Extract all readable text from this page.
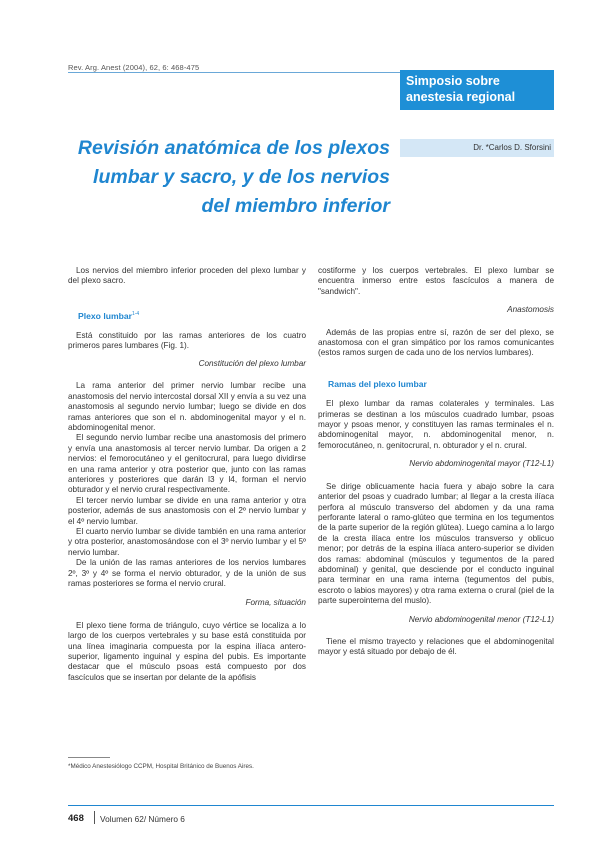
Rev. Arg. Anest (2004), 62, 6: 468-475
Simposio sobre anestesia regional
Revisión anatómica de los plexos lumbar y sacro, y de los nervios del miembro inferior
Dr. *Carlos D. Sforsini

Los nervios del miembro inferior proceden del plexo lumbar y del plexo sacro.

Plexo lumbar$^{1-4}$

Está constituido por las ramas anteriores de los cuatro primeros pares lumbares (Fig. 1).

Constitución del plexo lumbar

La rama anterior del primer nervio lumbar recibe una anastomosis del nervio intercostal dorsal XII y envía a su vez una anastomosis al segundo nervio lumbar; luego se divide en dos ramas anteriores que son el n. abdominogenital mayor y el n. abdominogenital menor.

El segundo nervio lumbar recibe una anastomosis del primero y envía una anastomosis al tercer nervio lumbar. Da origen a 2 nervios: el femorocutáneo y el genitocrural, para luego dividirse en una rama anterior y otra posterior que, junto con las ramas anteriores y posteriores que darán l3 y l4, forman el nervio obturador y el nervio crural respectivamente.

El tercer nervio lumbar se divide en una rama anterior y otra posterior, además de sus anastomosis con el 2º nervio lumbar y el 4º nervio lumbar.

El cuarto nervio lumbar se divide también en una rama anterior y otra posterior, anastomosándose con el 3º nervio lumbar y el 5º nervio lumbar.

De la unión de las ramas anteriores de los nervios lumbares 2º, 3º y 4º se forma el nervio obturador, y de la unión de sus ramas posteriores se forma el nervio crural.

Forma, situación

El plexo tiene forma de triángulo, cuyo vértice se localiza a lo largo de los cuerpos vertebrales y su base está constituida por una línea imaginaria compuesta por la espina ilíaca antero- superior, ligamento inguinal y espina del pubis. Es importante destacar que el músculo psoas está compuesto por dos fascículos que se insertan por delante de la apófisis

costiforme y los cuerpos vertebrales. El plexo lumbar se encuentra inmerso entre estos fascículos a manera de "sandwich".

Anastomosis

Además de las propias entre sí, razón de ser del plexo, se anastomosa con el gran simpático por los ramos comunicantes (estos ramos surgen de cada uno de los nervios lumbares).

Ramas del plexo lumbar

El plexo lumbar da ramas colaterales y terminales. Las primeras se destinan a los músculos cuadrado lumbar, psoas mayor y psoas menor, y constituyen las ramas terminales el n. abdominogenital mayor, n. abdominogenital menor, n. femorocutáneo, n. genitocrural, n. obturador y el n. crural.

Nervio abdominogenital mayor (T12-L1)

Se dirige oblicuamente hacia fuera y abajo sobre la cara anterior del psoas y cuadrado lumbar; al llegar a la cresta ilíaca perfora al músculo transverso del abdomen y da una rama perforante lateral o ramo-glúteo que termina en los tegumentos de la parte superior de la región glútea). Luego camina a lo largo de la cresta ilíaca entre los músculos transverso y oblicuo menor; por detrás de la espina ilíaca antero-superior se dividen dos ramas: abdominal (músculos y tegumentos de la pared abdominal) y genital, que desciende por el conducto inguinal para terminar en una rama interna (tegumentos del pubis, escroto o labios mayores) y otra rama externa o crural (piel de la parte superointerna del muslo).

Nervio abdominogenital menor (T12-L1)

Tiene el mismo trayecto y relaciones que el abdominogenital mayor y está situado por debajo de él.

*Médico Anestesiólogo CCPM, Hospital Británico de Buenos Aires.
468 Volumen 62/ Número 6
